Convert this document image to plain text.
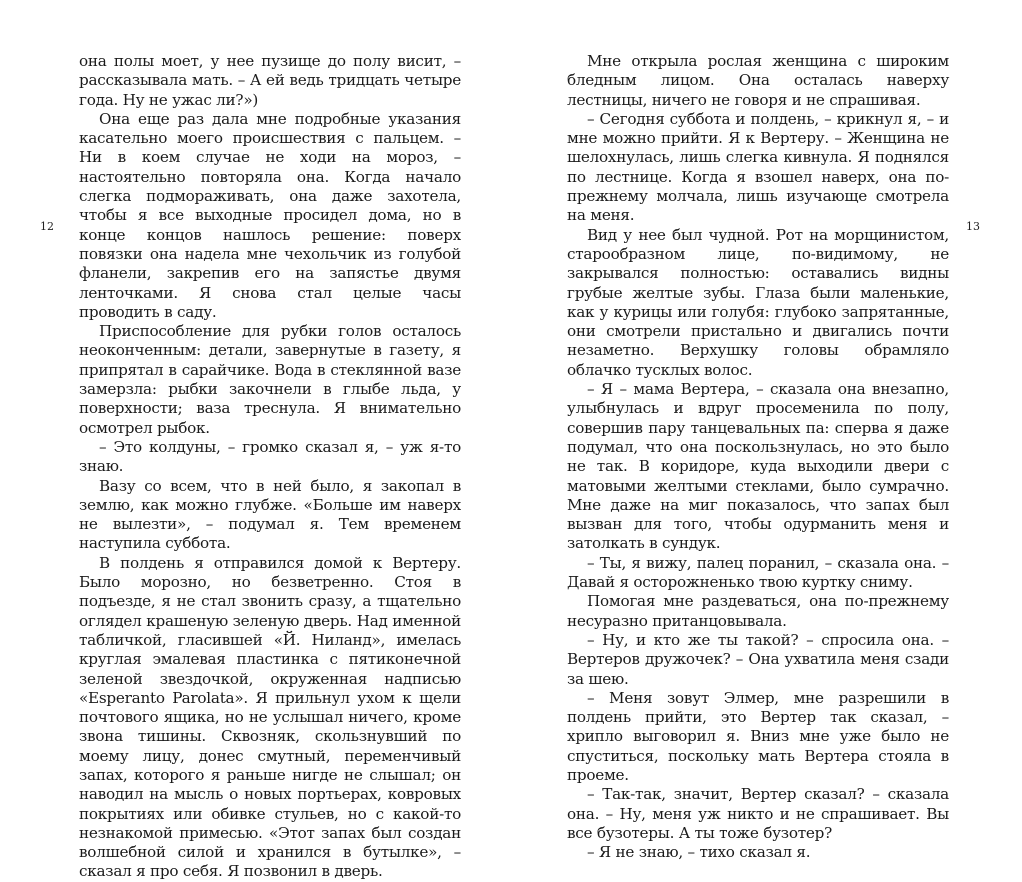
12	13

она полы моет, у нее пузище до полу висит, – рассказывала мать. – А ей ведь тридцать четыре года. Ну не ужас ли?»)

Она еще раз дала мне подробные указания касательно моего происшествия с пальцем. – Ни в коем случае не ходи на мороз, – настоятельно повторяла она. Когда начало слегка подмораживать, она даже захотела, чтобы я все выходные просидел дома, но в конце концов нашлось решение: поверх повязки она надела мне чехольчик из голубой фланели, закрепив его на запястье двумя ленточками. Я снова стал целые часы проводить в саду.

Приспособление для рубки голов осталось неоконченным: детали, завернутые в газету, я припрятал в сарайчике. Вода в стеклянной вазе замерзла: рыбки закочнели в глыбе льда, у поверхности; ваза треснула. Я внимательно осмотрел рыбок.

– Это колдуны, – громко сказал я, – уж я-то знаю.

Вазу со всем, что в ней было, я закопал в землю, как можно глубже. «Больше им наверх не вылезти», – подумал я. Тем временем наступила суббота.

В полдень я отправился домой к Вертеру. Было морозно, но безветренно. Стоя в подъезде, я не стал звонить сразу, а тщательно оглядел крашеную зеленую дверь. Над именной табличкой, гласившей «Й. Ниланд», имелась круглая эмалевая пластинка с пятиконечной зеленой звездочкой, окруженная надписью «Esperanto Parolata». Я прильнул ухом к щели почтового ящика, но не услышал ничего, кроме звона тишины. Сквозняк, скользнувший по моему лицу, донес смутный, переменчивый запах, которого я раньше нигде не слышал; он наводил на мысль о новых портьерах, ковровых покрытиях или обивке стульев, но с какой-то незнакомой примесью. «Этот запах был создан волшебной силой и хранился в бутылке», – сказал я про себя. Я позвонил в дверь.

Мне открыла рослая женщина с широким бледным лицом. Она осталась наверху лестницы, ничего не говоря и не спрашивая.

– Сегодня суббота и полдень, – крикнул я, – и мне можно прийти. Я к Вертеру. – Женщина не шелохнулась, лишь слегка кивнула. Я поднялся по лестнице. Когда я взошел наверх, она по-прежнему молчала, лишь изучающе смотрела на меня.

Вид у нее был чудной. Рот на морщинистом, старообразном лице, по-видимому, не закрывался полностью: оставались видны грубые желтые зубы. Глаза были маленькие, как у курицы или голубя: глубоко запрятанные, они смотрели пристально и двигались почти незаметно. Верхушку головы обрамляло облачко тусклых волос.

– Я – мама Вертера, – сказала она внезапно, улыбнулась и вдруг просеменила по полу, совершив пару танцевальных па: сперва я даже подумал, что она поскользнулась, но это было не так. В коридоре, куда выходили двери с матовыми желтыми стеклами, было сумрачно. Мне даже на миг показалось, что запах был вызван для того, чтобы одурманить меня и затолкать в сундук.

– Ты, я вижу, палец поранил, – сказала она. – Давай я осторожненько твою куртку сниму.

Помогая мне раздеваться, она по-прежнему несуразно пританцовывала.

– Ну, и кто же ты такой? – спросила она. – Вертеров дружочек? – Она ухватила меня сзади за шею.

– Меня зовут Элмер, мне разрешили в полдень прийти, это Вертер так сказал, – хрипло выговорил я. Вниз мне уже было не спуститься, поскольку мать Вертера стояла в проеме.

– Так-так, значит, Вертер сказал? – сказала она. – Ну, меня уж никто и не спрашивает. Вы все бузотеры. А ты тоже бузотер?

– Я не знаю, – тихо сказал я.
